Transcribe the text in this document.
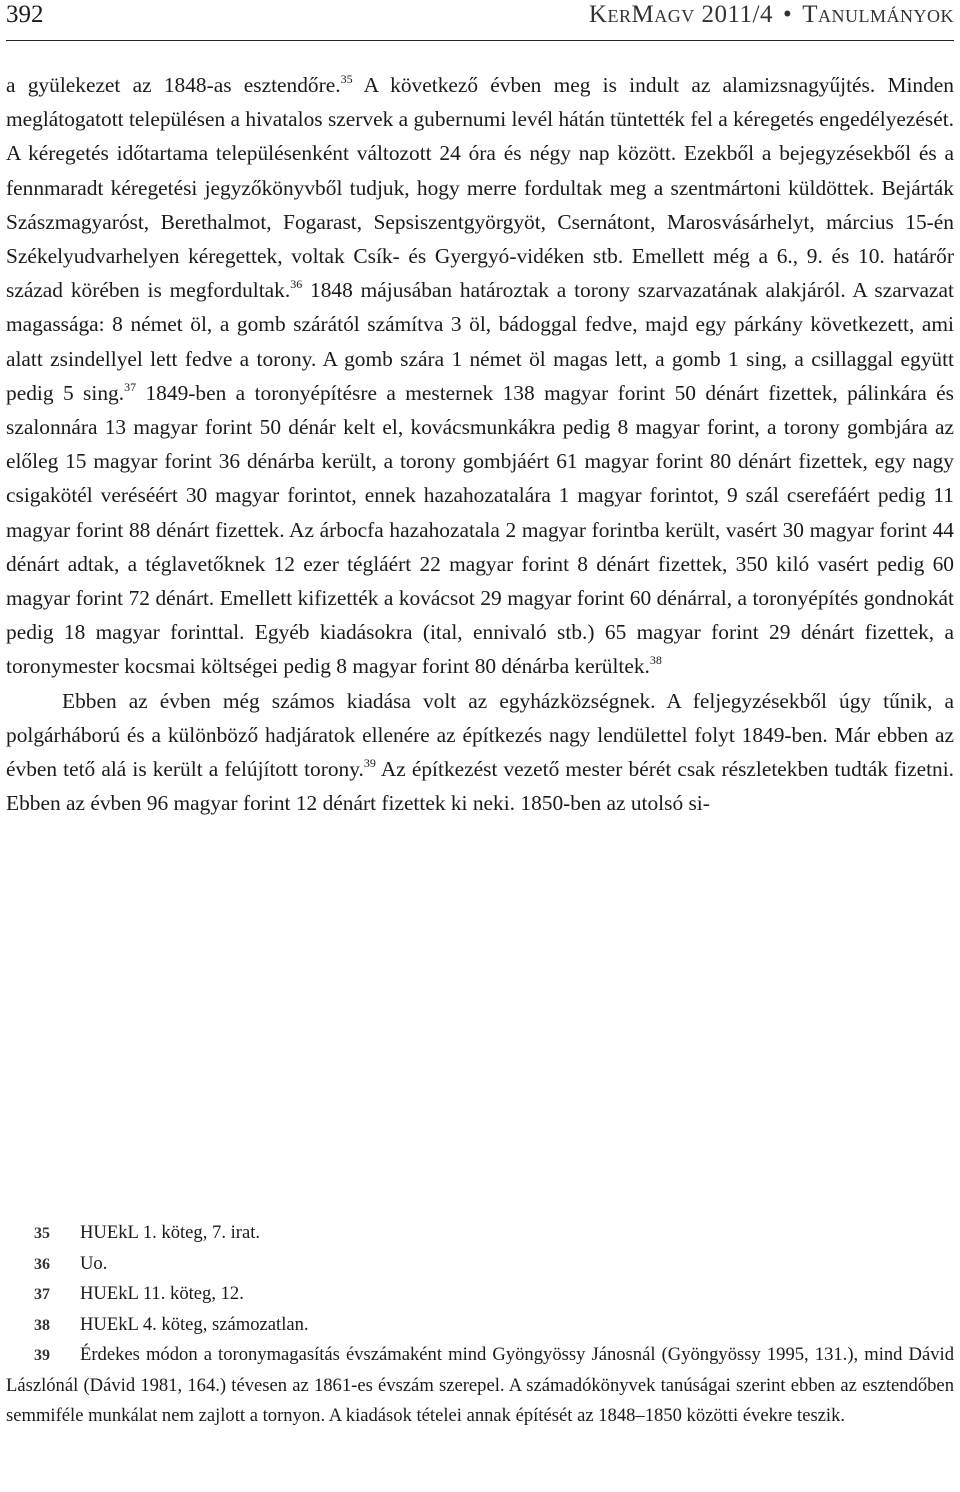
392	KerMagv 2011/4 • Tanulmányok

a gyülekezet az 1848-as esztendőre.$^{35}$ A következő évben meg is indult az alamizsnagyűjtés. Minden meglátogatott településen a hivatalos szervek a gubernumi levél hátán tüntették fel a kéregetés engedélyezését. A kéregetés időtartama településenként változott 24 óra és négy nap között. Ezekből a bejegyzésekből és a fennmaradt kéregetési jegyzőkönyvből tudjuk, hogy merre fordultak meg a szentmártoni küldöttek. Bejárták Szászmagyaróst, Berethalmot, Fogarast, Sepsiszentgyörgyöt, Csernátont, Marosvásárhelyt, március 15-én Székelyudvarhelyen kéregettek, voltak Csík- és Gyergyó-vidéken stb. Emellett még a 6., 9. és 10. határőr század körében is megfordultak.$^{36}$ 1848 májusában határoztak a torony szarvazatának alakjáról. A szarvazat magassága: 8 német öl, a gomb szárától számítva 3 öl, bádoggal fedve, majd egy párkány következett, ami alatt zsindellyel lett fedve a torony. A gomb szára 1 német öl magas lett, a gomb 1 sing, a csillaggal együtt pedig 5 sing.$^{37}$ 1849-ben a toronyépítésre a mesternek 138 magyar forint 50 dénárt fizettek, pálinkára és szalonnára 13 magyar forint 50 dénár kelt el, kovácsmunkákra pedig 8 magyar forint, a torony gombjára az előleg 15 magyar forint 36 dénárba került, a torony gombjáért 61 magyar forint 80 dénárt fizettek, egy nagy csigakötél veréséért 30 magyar forintot, ennek hazahozatalára 1 magyar forintot, 9 szál cserefáért pedig 11 magyar forint 88 dénárt fizettek. Az árbocfa hazahozatala 2 magyar forintba került, vasért 30 magyar forint 44 dénárt adtak, a téglavetőknek 12 ezer tégláért 22 magyar forint 8 dénárt fizettek, 350 kiló vasért pedig 60 magyar forint 72 dénárt. Emellett kifizették a kovácsot 29 magyar forint 60 dénárral, a toronyépítés gondnokát pedig 18 magyar forinttal. Egyéb kiadásokra (ital, ennivaló stb.) 65 magyar forint 29 dénárt fizettek, a toronymester kocsmai költségei pedig 8 magyar forint 80 dénárba kerültek.$^{38}$

Ebben az évben még számos kiadása volt az egyházközségnek. A feljegyzésekből úgy tűnik, a polgárháború és a különböző hadjáratok ellenére az építkezés nagy lendülettel folyt 1849-ben. Már ebben az évben tető alá is került a felújított torony.$^{39}$ Az építkezést vezető mester bérét csak részletekben tudták fizetni. Ebben az évben 96 magyar forint 12 dénárt fizettek ki neki. 1850-ben az utolsó si-

35 HUEkL 1. köteg, 7. irat.

36 Uo.

37 HUEkL 11. köteg, 12.

38 HUEkL 4. köteg, számozatlan.

39 Érdekes módon a toronymagasítás évszámaként mind Gyöngyössy Jánosnál (Gyöngyössy 1995, 131.), mind Dávid Lászlónál (Dávid 1981, 164.) tévesen az 1861-es évszám szerepel. A számadókönyvek tanúságai szerint ebben az esztendőben semmiféle munkálat nem zajlott a tornyon. A kiadások tételei annak építését az 1848–1850 közötti évekre teszik.
